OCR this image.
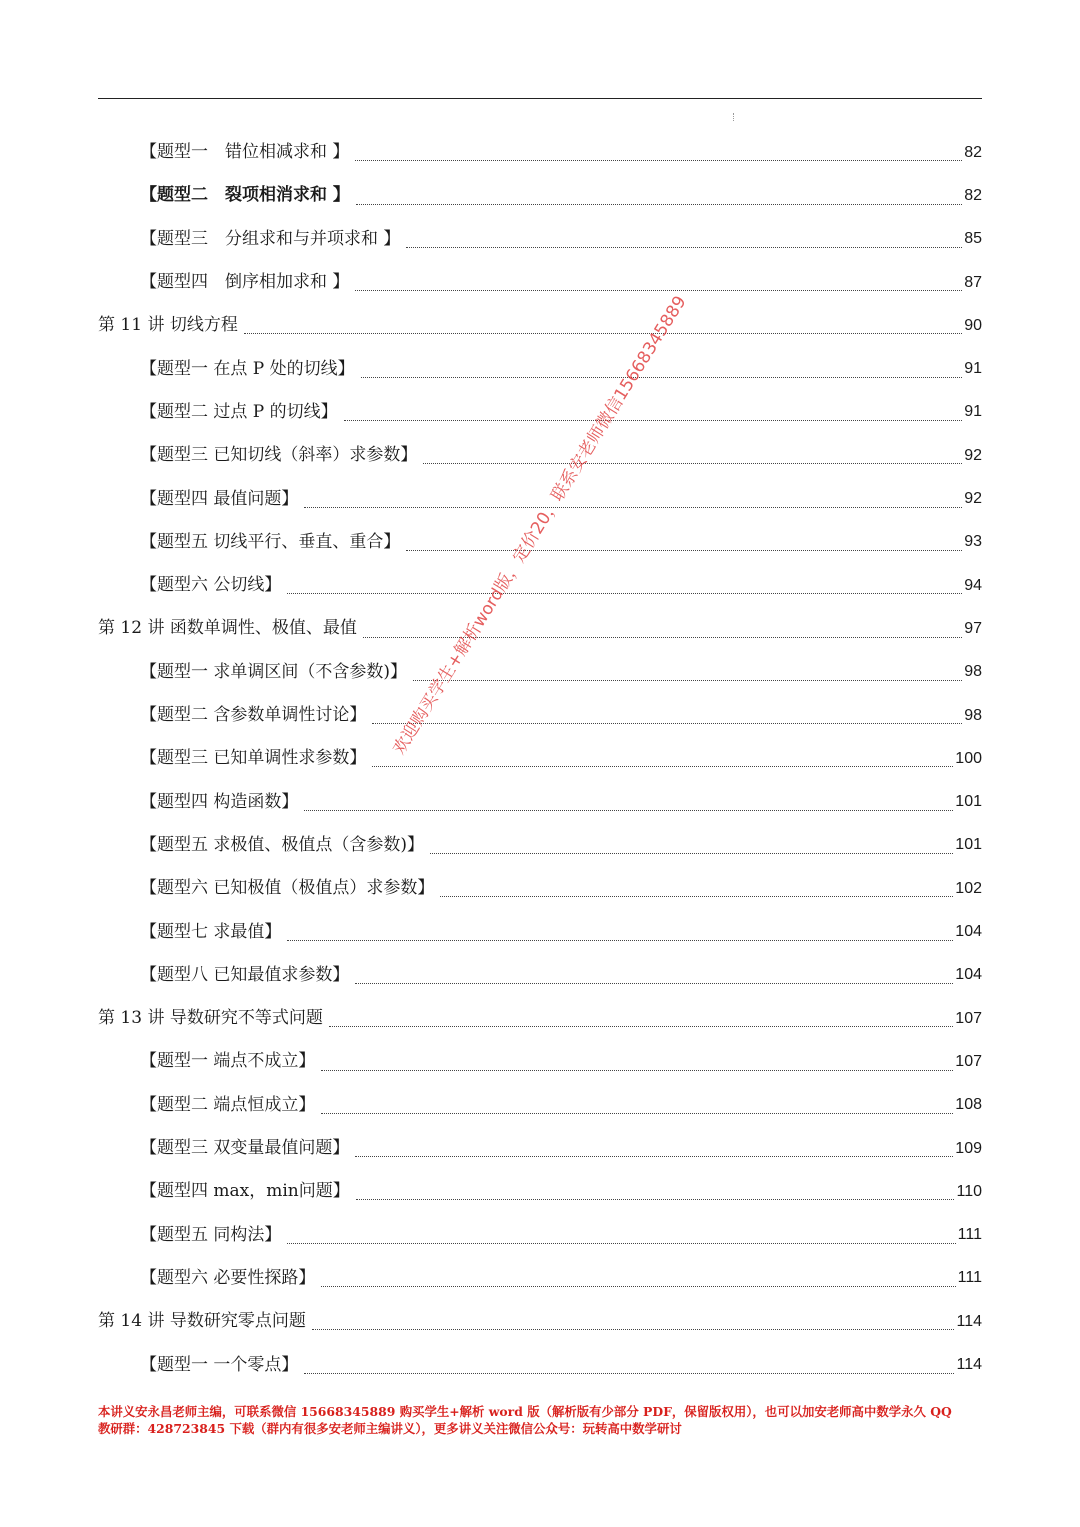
【题型一　错位相减求和 】	82
【题型二　裂项相消求和 】	82
【题型三　分组求和与并项求和 】	85
【题型四　倒序相加求和 】	87
第 11 讲 切线方程	90
【题型一 在点 P 处的切线】	91
【题型二 过点 P 的切线】	91
【题型三 已知切线（斜率）求参数】	92
【题型四 最值问题】	92
【题型五 切线平行、垂直、重合】	93
【题型六 公切线】	94
第 12 讲 函数单调性、极值、最值	97
【题型一 求单调区间（不含参数)】	98
【题型二 含参数单调性讨论】	98
【题型三 已知单调性求参数】	100
【题型四 构造函数】	101
【题型五 求极值、极值点（含参数)】	101
【题型六 已知极值（极值点）求参数】	102
【题型七 求最值】	104
【题型八 已知最值求参数】	104
第 13 讲 导数研究不等式问题	107
【题型一 端点不成立】	107
【题型二 端点恒成立】	108
【题型三 双变量最值问题】	109
【题型四 max，min问题】	110
【题型五 同构法】	111
【题型六 必要性探路】	111
第 14 讲 导数研究零点问题	114
【题型一 一个零点】	114
本讲义安永昌老师主编，可联系微信 15668345889 购买学生+解析 word 版（解析版有少部分 PDF，保留版权用），也可以加安老师高中数学永久 QQ
教研群：428723845 下载（群内有很多安老师主编讲义），更多讲义关注微信公众号：玩转高中数学研讨
欢迎购买学生+解析word版，定价20，联系安老师微信15668345889
